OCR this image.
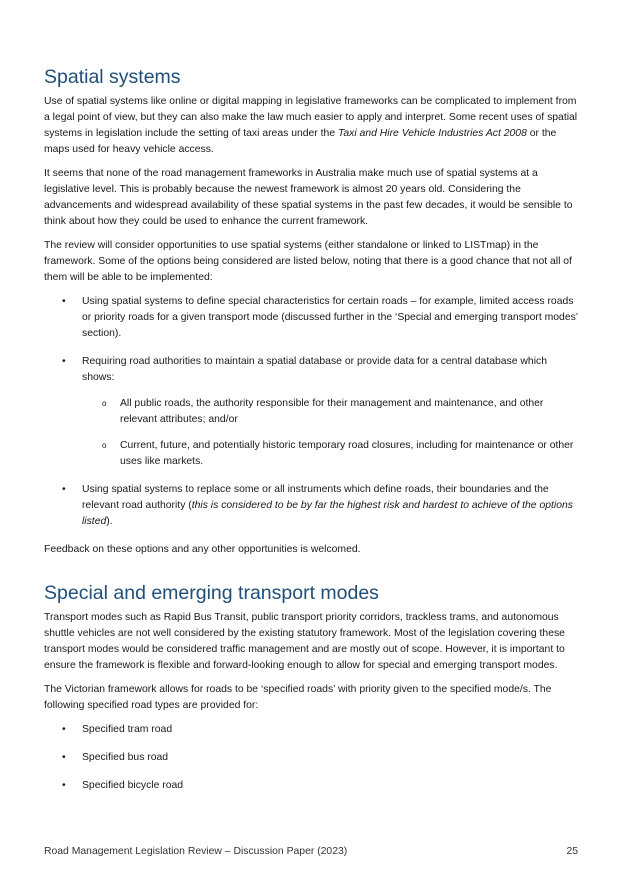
Spatial systems

Use of spatial systems like online or digital mapping in legislative frameworks can be complicated to implement from a legal point of view, but they can also make the law much easier to apply and interpret. Some recent uses of spatial systems in legislation include the setting of taxi areas under the Taxi and Hire Vehicle Industries Act 2008 or the maps used for heavy vehicle access.

It seems that none of the road management frameworks in Australia make much use of spatial systems at a legislative level. This is probably because the newest framework is almost 20 years old. Considering the advancements and widespread availability of these spatial systems in the past few decades, it would be sensible to think about how they could be used to enhance the current framework.

The review will consider opportunities to use spatial systems (either standalone or linked to LISTmap) in the framework. Some of the options being considered are listed below, noting that there is a good chance that not all of them will be able to be implemented:

• Using spatial systems to define special characteristics for certain roads – for example, limited access roads or priority roads for a given transport mode (discussed further in the ‘Special and emerging transport modes’ section).
• Requiring road authorities to maintain a spatial database or provide data for a central database which shows:
o All public roads, the authority responsible for their management and maintenance, and other relevant attributes; and/or
o Current, future, and potentially historic temporary road closures, including for maintenance or other uses like markets.
• Using spatial systems to replace some or all instruments which define roads, their boundaries and the relevant road authority (this is considered to be by far the highest risk and hardest to achieve of the options listed).

Feedback on these options and any other opportunities is welcomed.

Special and emerging transport modes

Transport modes such as Rapid Bus Transit, public transport priority corridors, trackless trams, and autonomous shuttle vehicles are not well considered by the existing statutory framework. Most of the legislation covering these transport modes would be considered traffic management and are mostly out of scope. However, it is important to ensure the framework is flexible and forward-looking enough to allow for special and emerging transport modes.

The Victorian framework allows for roads to be ‘specified roads’ with priority given to the specified mode/s. The following specified road types are provided for:

• Specified tram road
• Specified bus road
• Specified bicycle road
Road Management Legislation Review – Discussion Paper (2023)	25
